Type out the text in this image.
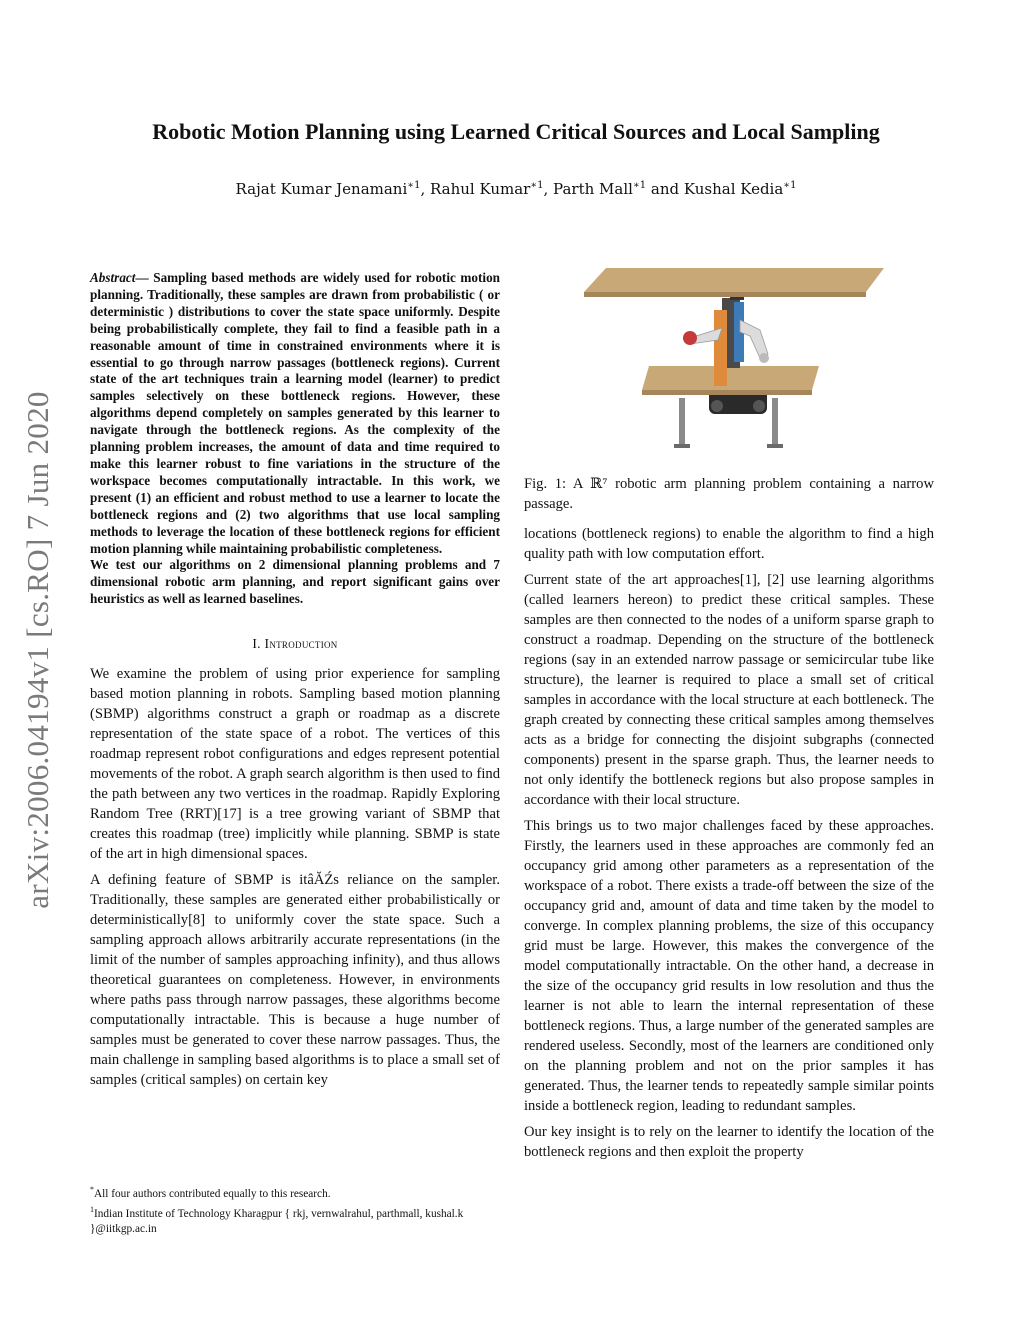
arXiv:2006.04194v1 [cs.RO] 7 Jun 2020
Robotic Motion Planning using Learned Critical Sources and Local Sampling
Rajat Kumar Jenamani$^{∗1}$, Rahul Kumar$^{∗1}$, Parth Mall$^{∗1}$ and Kushal Kedia$^{∗1}$

Abstract— Sampling based methods are widely used for robotic motion planning. Traditionally, these samples are drawn from probabilistic ( or deterministic ) distributions to cover the state space uniformly. Despite being probabilistically complete, they fail to find a feasible path in a reasonable amount of time in constrained environments where it is essential to go through narrow passages (bottleneck regions). Current state of the art techniques train a learning model (learner) to predict samples selectively on these bottleneck regions. However, these algorithms depend completely on samples generated by this learner to navigate through the bottleneck regions. As the complexity of the planning problem increases, the amount of data and time required to make this learner robust to fine variations in the structure of the workspace becomes computationally intractable. In this work, we present (1) an efficient and robust method to use a learner to locate the bottleneck regions and (2) two algorithms that use local sampling methods to leverage the location of these bottleneck regions for efficient motion planning while maintaining probabilistic completeness.

We test our algorithms on 2 dimensional planning problems and 7 dimensional robotic arm planning, and report significant gains over heuristics as well as learned baselines.

I. Introduction

We examine the problem of using prior experience for sampling based motion planning in robots. Sampling based motion planning (SBMP) algorithms construct a graph or roadmap as a discrete representation of the state space of a robot. The vertices of this roadmap represent robot configurations and edges represent potential movements of the robot. A graph search algorithm is then used to find the path between any two vertices in the roadmap. Rapidly Exploring Random Tree (RRT)[17] is a tree growing variant of SBMP that creates this roadmap (tree) implicitly while planning. SBMP is state of the art in high dimensional spaces.

A defining feature of SBMP is itâĂŹs reliance on the sampler. Traditionally, these samples are generated either probabilistically or deterministically[8] to uniformly cover the state space. Such a sampling approach allows arbitrarily accurate representations (in the limit of the number of samples approaching infinity), and thus allows theoretical guarantees on completeness. However, in environments where paths pass through narrow passages, these algorithms become computationally intractable. This is because a huge number of samples must be generated to cover these narrow passages. Thus, the main challenge in sampling based algorithms is to place a small set of samples (critical samples) on certain key

Fig. 1: A ℝ⁷ robotic arm planning problem containing a narrow passage.

locations (bottleneck regions) to enable the algorithm to find a high quality path with low computation effort.

Current state of the art approaches[1], [2] use learning algorithms (called learners hereon) to predict these critical samples. These samples are then connected to the nodes of a uniform sparse graph to construct a roadmap. Depending on the structure of the bottleneck regions (say in an extended narrow passage or semicircular tube like structure), the learner is required to place a small set of critical samples in accordance with the local structure at each bottleneck. The graph created by connecting these critical samples among themselves acts as a bridge for connecting the disjoint subgraphs (connected components) present in the sparse graph. Thus, the learner needs to not only identify the bottleneck regions but also propose samples in accordance with their local structure.

This brings us to two major challenges faced by these approaches. Firstly, the learners used in these approaches are commonly fed an occupancy grid among other parameters as a representation of the workspace of a robot. There exists a trade-off between the size of the occupancy grid and, amount of data and time taken by the model to converge. In complex planning problems, the size of this occupancy grid must be large. However, this makes the convergence of the model computationally intractable. On the other hand, a decrease in the size of the occupancy grid results in low resolution and thus the learner is not able to learn the internal representation of these bottleneck regions. Thus, a large number of the generated samples are rendered useless. Secondly, most of the learners are conditioned only on the planning problem and not on the prior samples it has generated. Thus, the learner tends to repeatedly sample similar points inside a bottleneck region, leading to redundant samples.

Our key insight is to rely on the learner to identify the location of the bottleneck regions and then exploit the property

*All four authors contributed equally to this research.

$^1$Indian Institute of Technology Kharagpur { rkj, vernwalrahul, parthmall, kushal.k }@iitkgp.ac.in
